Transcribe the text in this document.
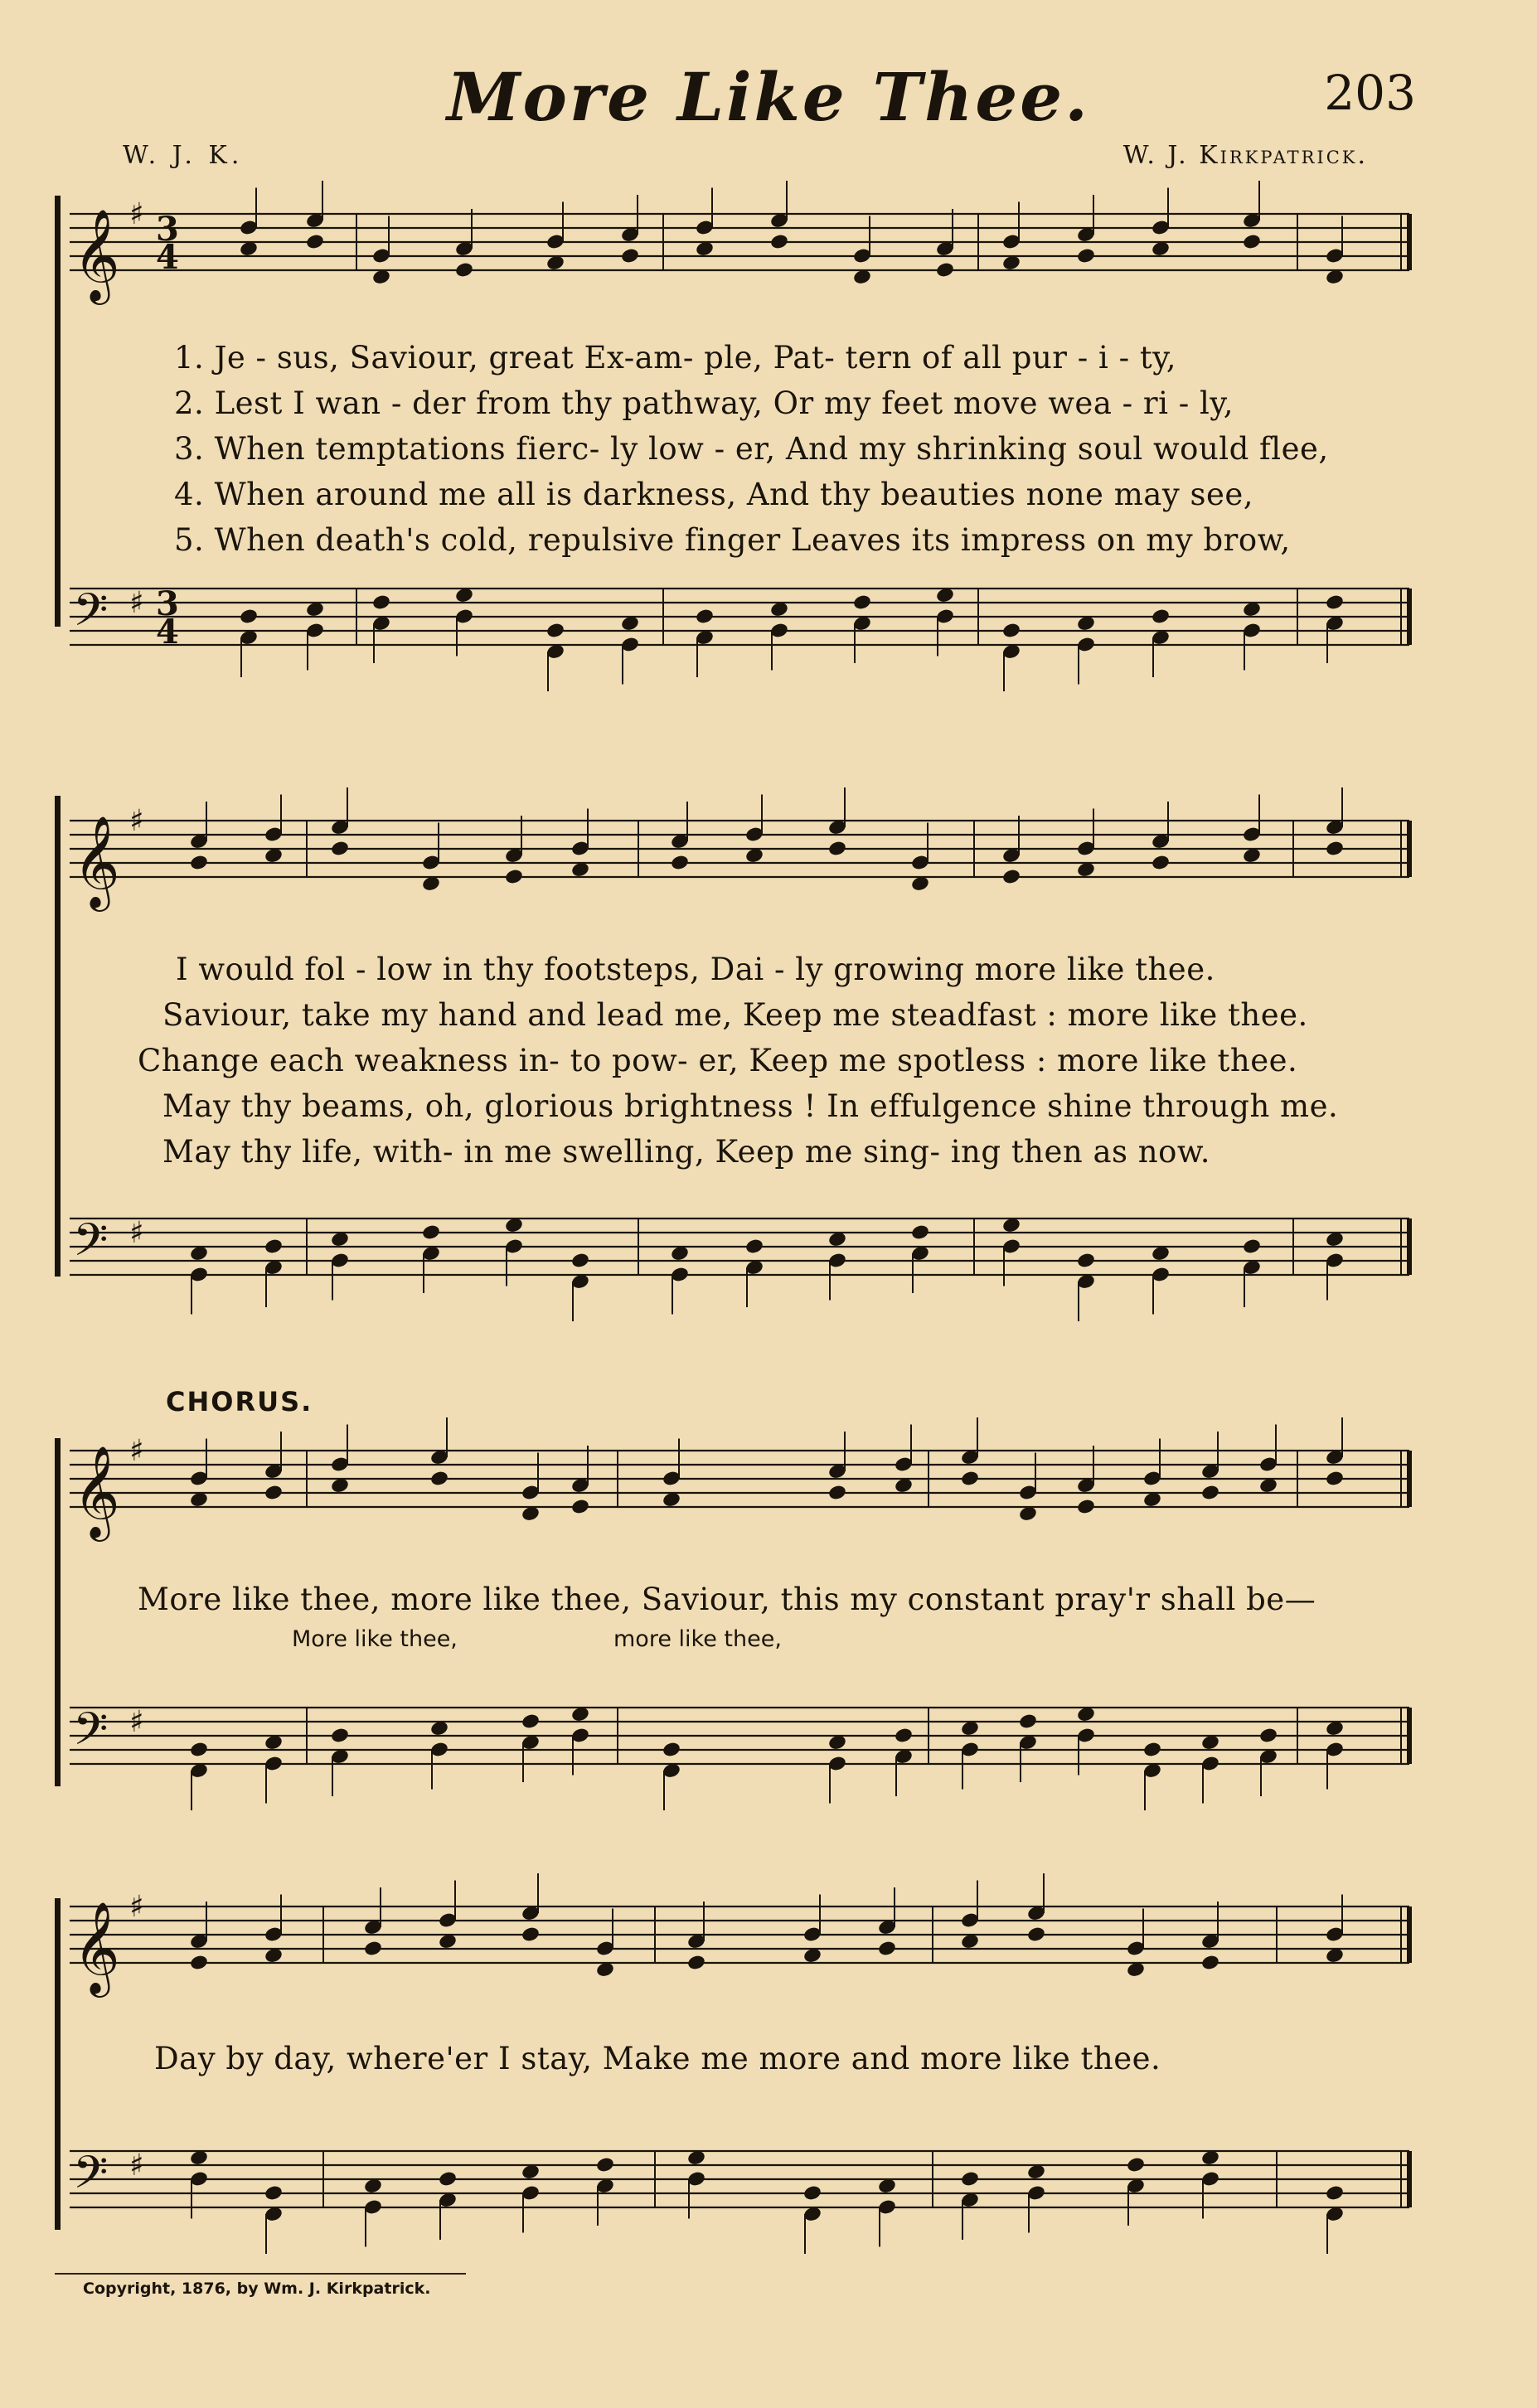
More Like Thee.	203
W. J. K.	W. J. Kirkpatrick.
𝄞 ♯ 3
4
𝄢 ♯ 3
4
𝄞 ♯
𝄢 ♯
𝄞 ♯
𝄢 ♯
𝄞 ♯
𝄢 ♯
1. Je - sus, Saviour, great Ex-am- ple, Pat- tern of all pur - i - ty,
2. Lest I wan - der from thy pathway, Or my feet move wea - ri - ly,
3. When temptations fierc- ly low - er, And my shrinking soul would flee,
4. When around me all is darkness, And thy beauties none may see,
5. When death's cold, repulsive finger Leaves its impress on my brow,
I would fol - low in thy footsteps, Dai - ly growing more like thee.
Saviour, take my hand and lead me, Keep me steadfast : more like thee.
Change each weakness in- to pow- er, Keep me spotless : more like thee.
May thy beams, oh, glorious brightness ! In effulgence shine through me.
May thy life, with- in me swelling, Keep me sing- ing then as now.
CHORUS.
More like thee, more like thee, Saviour, this my constant pray'r shall be—
More like thee,	more like thee,
Day by day, where'er I stay, Make me more and more like thee.
Copyright, 1876, by Wm. J. Kirkpatrick.
